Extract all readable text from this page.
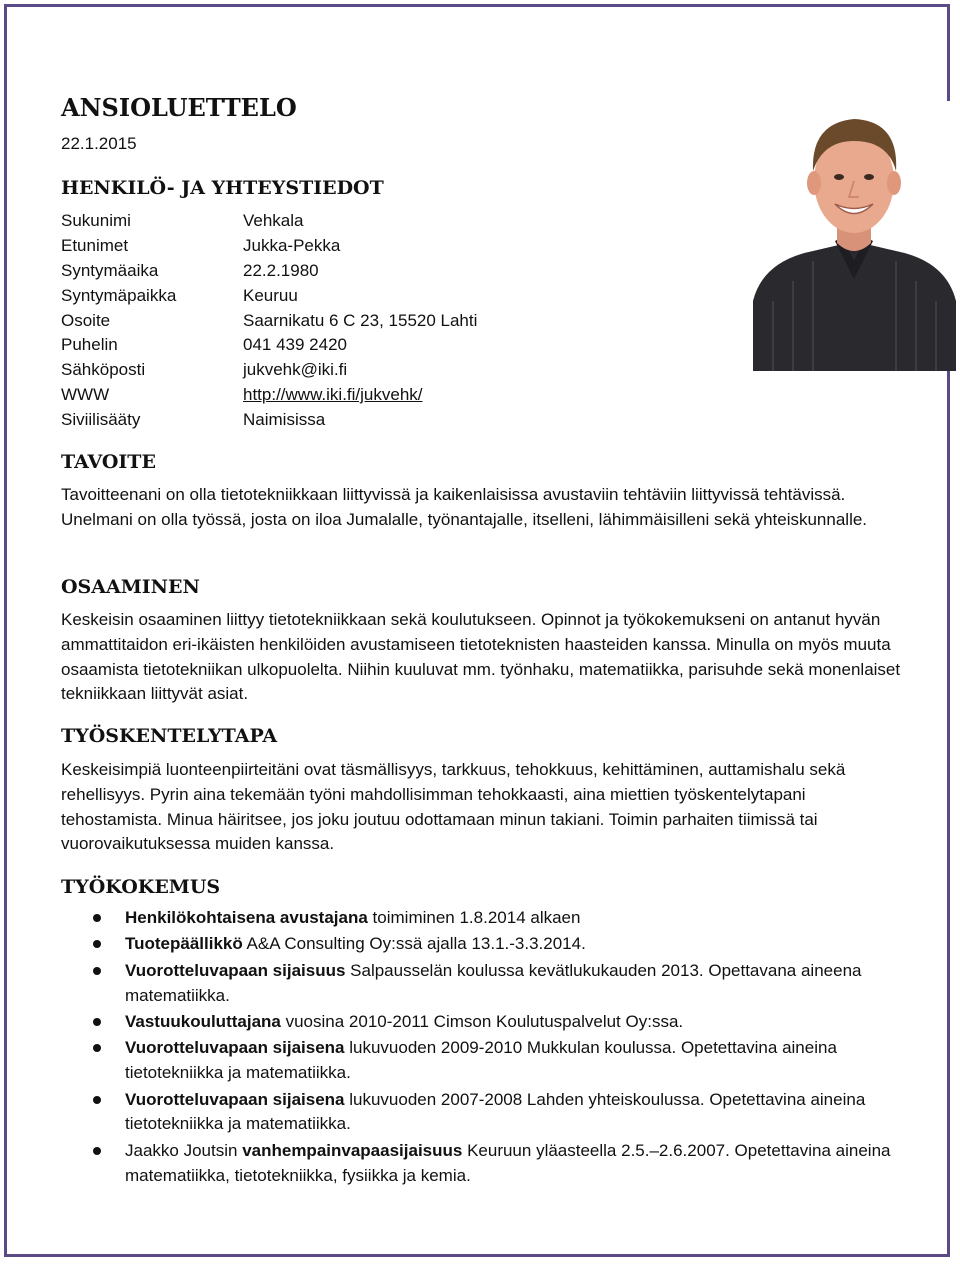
ANSIOLUETTELO
22.1.2015
HENKILÖ- JA YHTEYSTIEDOT
Sukunimi	Vehkala
Etunimet	Jukka-Pekka
Syntymäaika	22.2.1980
Syntymäpaikka	Keuruu
Osoite	Saarnikatu 6 C 23, 15520 Lahti
Puhelin	041 439 2420
Sähköposti	jukvehk@iki.fi
WWW	http://www.iki.fi/jukvehk/
Siviilisääty	Naimisissa
TAVOITE

Tavoitteenani on olla tietotekniikkaan liittyvissä ja kaikenlaisissa avustaviin tehtäviin liittyvissä tehtävissä. Unelmani on olla työssä, josta on iloa Jumalalle, työnantajalle, itselleni, lähimmäisilleni sekä yhteiskunnalle.

OSAAMINEN

Keskeisin osaaminen liittyy tietotekniikkaan sekä koulutukseen. Opinnot ja työkokemukseni on antanut hyvän ammattitaidon eri-ikäisten henkilöiden avustamiseen tietoteknisten haasteiden kanssa. Minulla on myös muuta osaamista tietotekniikan ulkopuolelta. Niihin kuuluvat mm. työnhaku, matematiikka, parisuhde sekä monenlaiset tekniikkaan liittyvät asiat.

TYÖSKENTELYTAPA

Keskeisimpiä luonteenpiirteitäni ovat täsmällisyys, tarkkuus, tehokkuus, kehittäminen, auttamishalu sekä rehellisyys. Pyrin aina tekemään työni mahdollisimman tehokkaasti, aina miettien työskentelytapani tehostamista. Minua häiritsee, jos joku joutuu odottamaan minun takiani. Toimin parhaiten tiimissä tai vuorovaikutuksessa muiden kanssa.

TYÖKOKEMUS
Henkilökohtaisena avustajana toimiminen 1.8.2014 alkaen
Tuotepäällikkö A&A Consulting Oy:ssä ajalla 13.1.-3.3.2014.
Vuorotteluvapaan sijaisuus Salpausselän koulussa kevätlukukauden 2013. Opettavana aineena matematiikka.
Vastuukouluttajana vuosina 2010-2011 Cimson Koulutuspalvelut Oy:ssa.
Vuorotteluvapaan sijaisena lukuvuoden 2009-2010 Mukkulan koulussa. Opetettavina aineina tietotekniikka ja matematiikka.
Vuorotteluvapaan sijaisena lukuvuoden 2007-2008 Lahden yhteiskoulussa. Opetettavina aineina tietotekniikka ja matematiikka.
Jaakko Joutsin vanhempainvapaasijaisuus Keuruun yläasteella 2.5.–2.6.2007. Opetettavina aineina matematiikka, tietotekniikka, fysiikka ja kemia.
